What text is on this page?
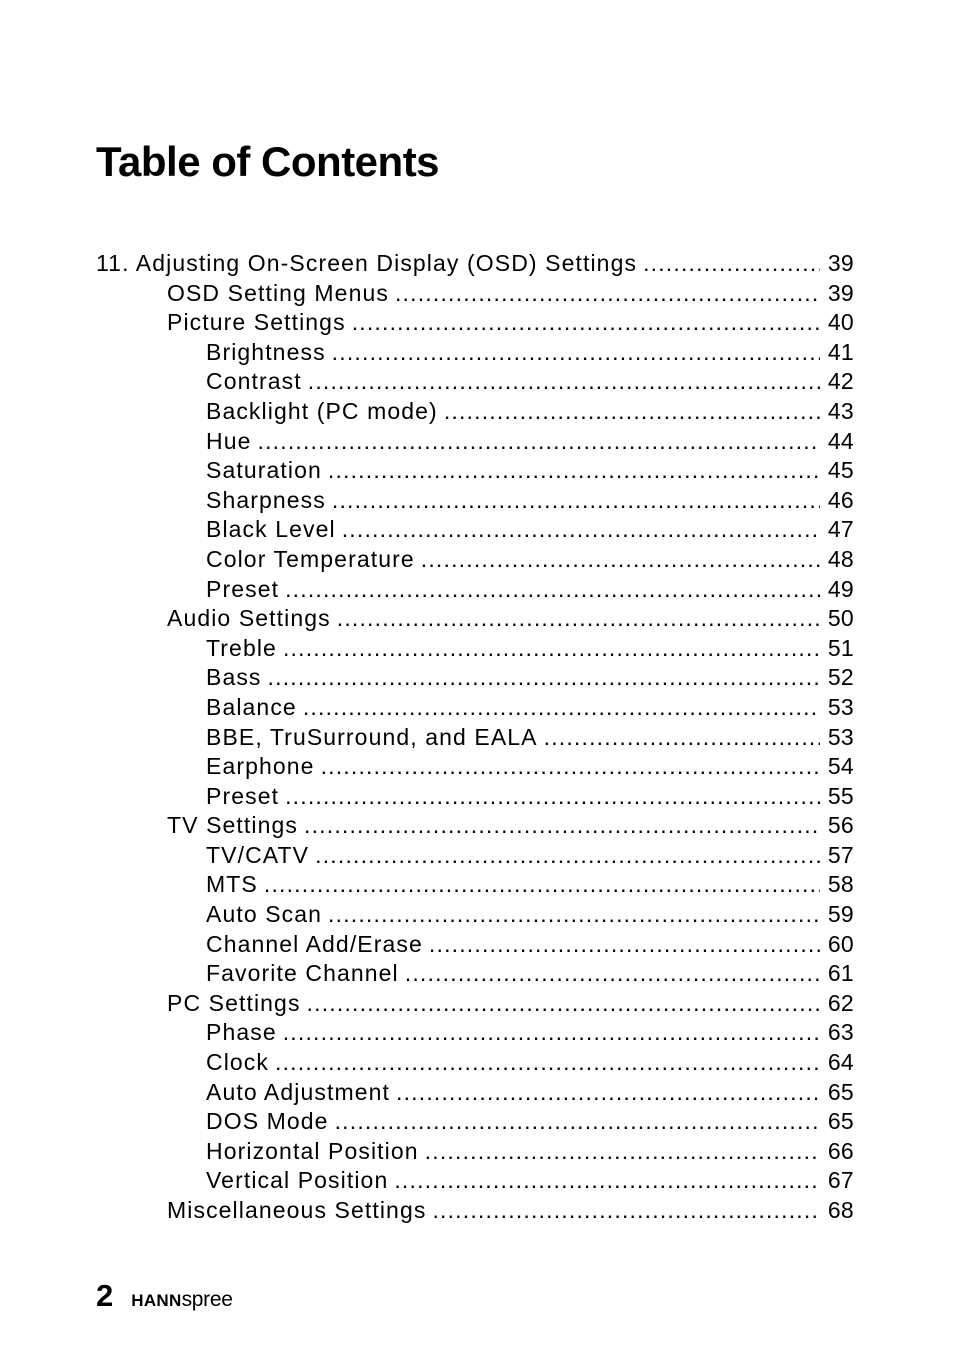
Table of Contents
11. Adjusting On-Screen Display (OSD) Settings . . .	39
OSD Setting Menus . . .	39
Picture Settings . . .	40
Brightness . . .	41
Contrast . . .	42
Backlight (PC mode) . . .	43
Hue . . .	44
Saturation . . .	45
Sharpness . . .	46
Black Level . . .	47
Color Temperature . . .	48
Preset . . .	49
Audio Settings . . .	50
Treble . . .	51
Bass . . .	52
Balance . . .	53
BBE, TruSurround, and EALA . . .	53
Earphone . . .	54
Preset . . .	55
TV Settings . . .	56
TV/CATV . . .	57
MTS . . .	58
Auto Scan . . .	59
Channel Add/Erase . . .	60
Favorite Channel . . .	61
PC Settings . . .	62
Phase . . .	63
Clock . . .	64
Auto Adjustment . . .	65
DOS Mode . . .	65
Horizontal Position . . .	66
Vertical Position . . .	67
Miscellaneous Settings . . .	68
2 HANNspree
